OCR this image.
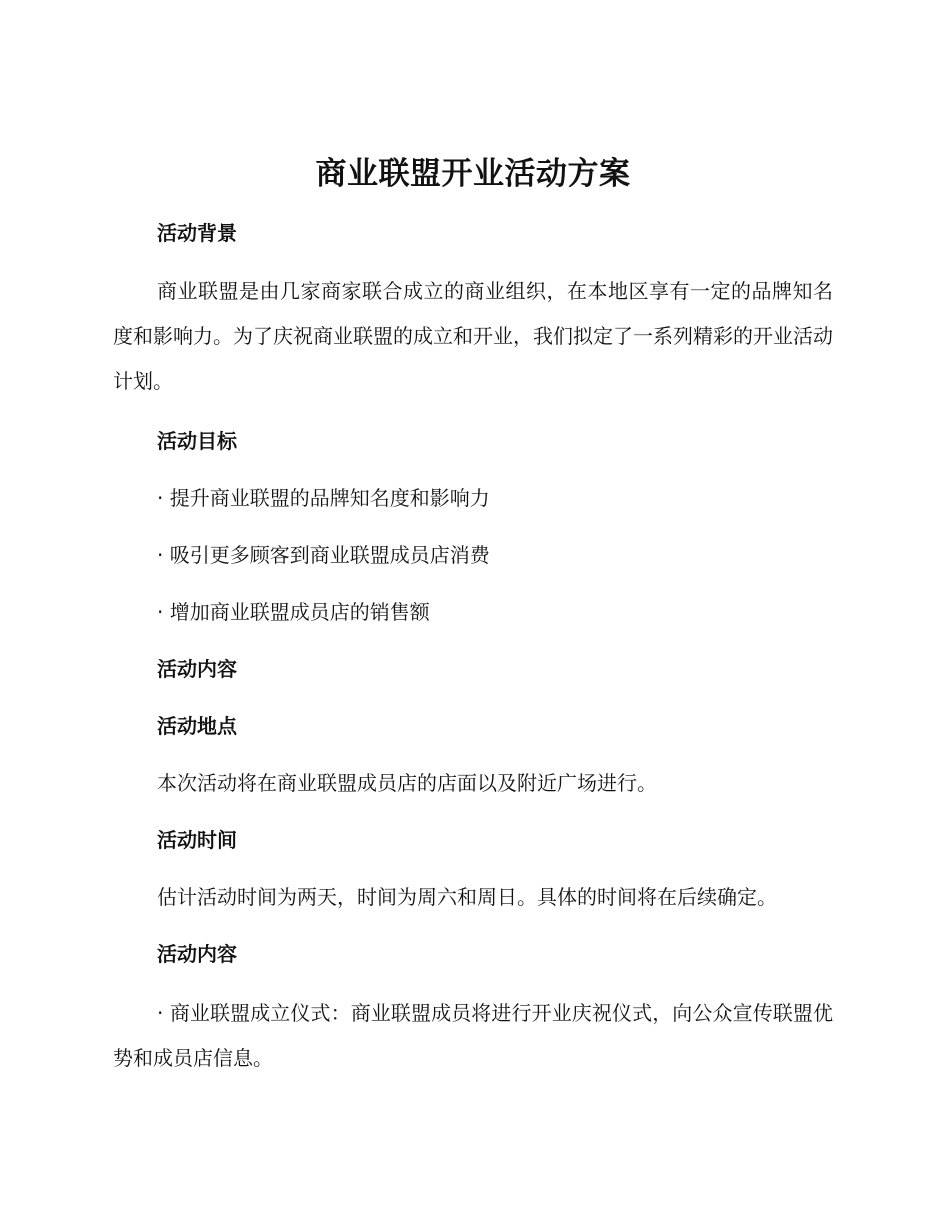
商业联盟开业活动方案
活动背景

商业联盟是由几家商家联合成立的商业组织，在本地区享有一定的品牌知名度和影响力。为了庆祝商业联盟的成立和开业，我们拟定了一系列精彩的开业活动计划。

活动目标

· 提升商业联盟的品牌知名度和影响力

· 吸引更多顾客到商业联盟成员店消费

· 增加商业联盟成员店的销售额

活动内容
活动地点

本次活动将在商业联盟成员店的店面以及附近广场进行。

活动时间

估计活动时间为两天，时间为周六和周日。具体的时间将在后续确定。

活动内容

· 商业联盟成立仪式：商业联盟成员将进行开业庆祝仪式，向公众宣传联盟优势和成员店信息。
